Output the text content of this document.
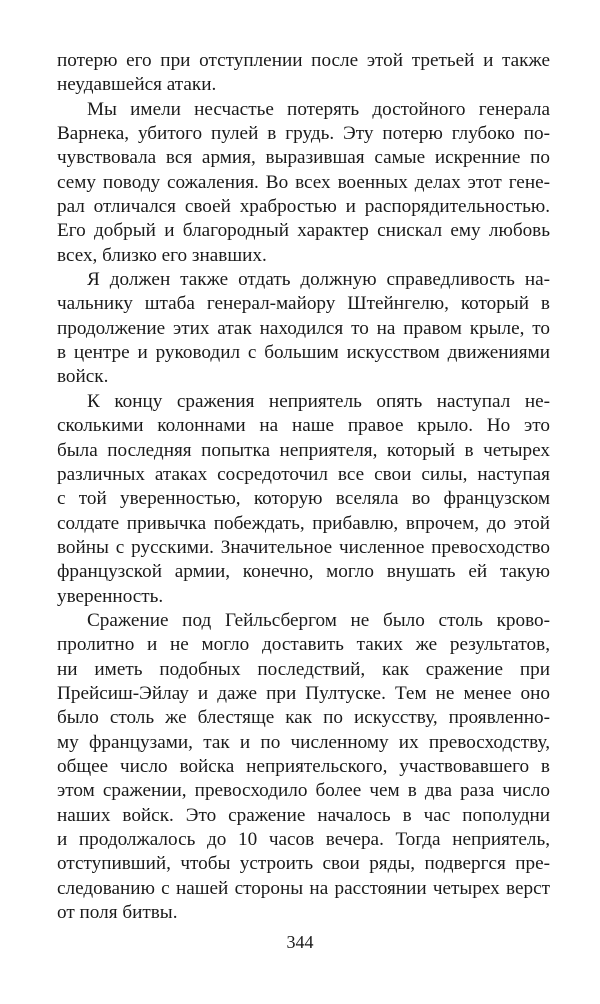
потерю его при отступлении после этой третьей и также
неудавшейся атаки.
Мы имели несчастье потерять достойного генерала
Варнека, убитого пулей в грудь. Эту потерю глубоко по-
чувствовала вся армия, выразившая самые искренние по
сему поводу сожаления. Во всех военных делах этот гене-
рал отличался своей храбростью и распорядительностью.
Его добрый и благородный характер снискал ему любовь
всех, близко его знавших.
Я должен также отдать должную справедливость на-
чальнику штаба генерал-майору Штейнгелю, который в
продолжение этих атак находился то на правом крыле, то
в центре и руководил с большим искусством движениями
войск.
К концу сражения неприятель опять наступал не-
сколькими колоннами на наше правое крыло. Но это
была последняя попытка неприятеля, который в четырех
различных атаках сосредоточил все свои силы, наступая
с той уверенностью, которую вселяла во французском
солдате привычка побеждать, прибавлю, впрочем, до этой
войны с русскими. Значительное численное превосходство
французской армии, конечно, могло внушать ей такую
уверенность.
Сражение под Гейльсбергом не было столь крово-
пролитно и не могло доставить таких же результатов,
ни иметь подобных последствий, как сражение при
Прейсиш-Эйлау и даже при Пултуске. Тем не менее оно
было столь же блестяще как по искусству, проявленно-
му французами, так и по численному их превосходству,
общее число войска неприятельского, участвовавшего в
этом сражении, превосходило более чем в два раза число
наших войск. Это сражение началось в час пополудни
и продолжалось до 10 часов вечера. Тогда неприятель,
отступивший, чтобы устроить свои ряды, подвергся пре-
следованию с нашей стороны на расстоянии четырех верст
от поля битвы.
344
